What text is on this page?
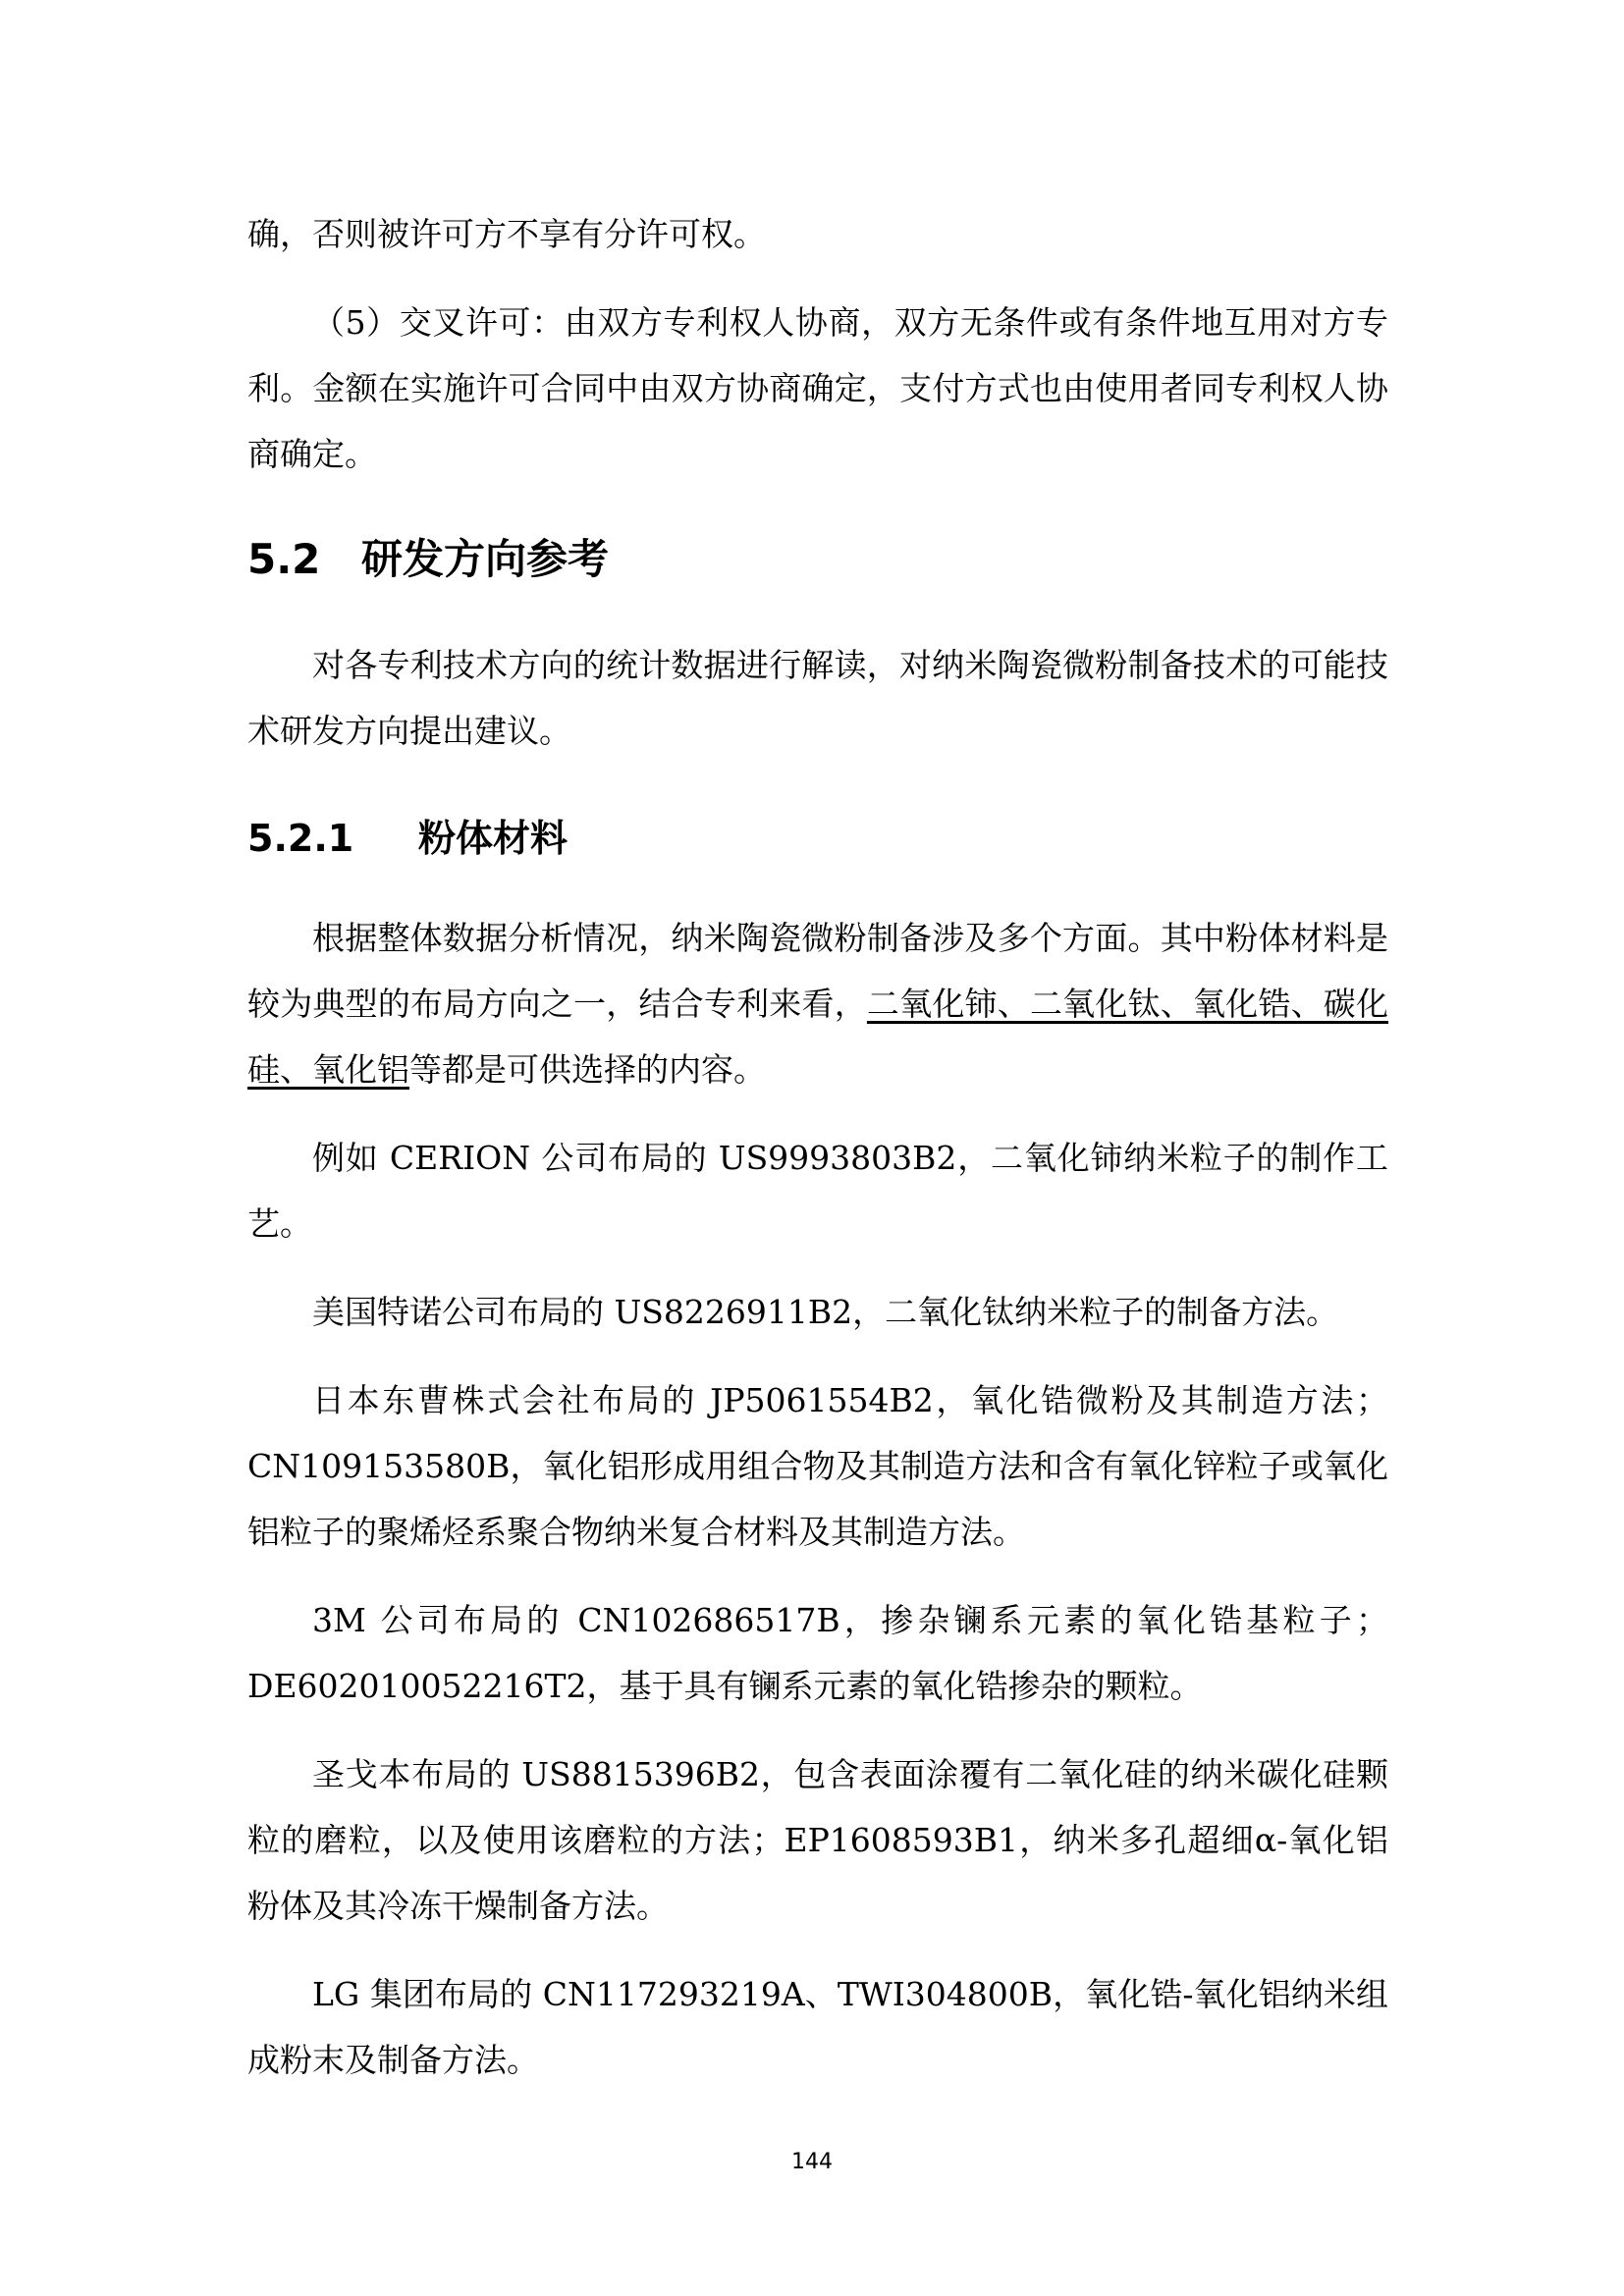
确，否则被许可方不享有分许可权。

（5）交叉许可：由双方专利权人协商，双方无条件或有条件地互用对方专利。金额在实施许可合同中由双方协商确定，支付方式也由使用者同专利权人协商确定。

5.2 研发方向参考

对各专利技术方向的统计数据进行解读，对纳米陶瓷微粉制备技术的可能技术研发方向提出建议。

5.2.1 粉体材料

根据整体数据分析情况，纳米陶瓷微粉制备涉及多个方面。其中粉体材料是较为典型的布局方向之一，结合专利来看，二氧化铈、二氧化钛、氧化锆、碳化硅、氧化铝等都是可供选择的内容。

例如 CERION 公司布局的 US9993803B2，二氧化铈纳米粒子的制作工艺。

美国特诺公司布局的 US8226911B2，二氧化钛纳米粒子的制备方法。

日本东曹株式会社布局的 JP5061554B2，氧化锆微粉及其制造方法；CN109153580B，氧化铝形成用组合物及其制造方法和含有氧化锌粒子或氧化铝粒子的聚烯烃系聚合物纳米复合材料及其制造方法。

3M 公司布局的 CN102686517B，掺杂镧系元素的氧化锆基粒子；DE602010052216T2，基于具有镧系元素的氧化锆掺杂的颗粒。

圣戈本布局的 US8815396B2，包含表面涂覆有二氧化硅的纳米碳化硅颗粒的磨粒，以及使用该磨粒的方法；EP1608593B1，纳米多孔超细α-氧化铝粉体及其冷冻干燥制备方法。

LG 集团布局的 CN117293219A、TWI304800B，氧化锆-氧化铝纳米组成粉末及制备方法。

144
